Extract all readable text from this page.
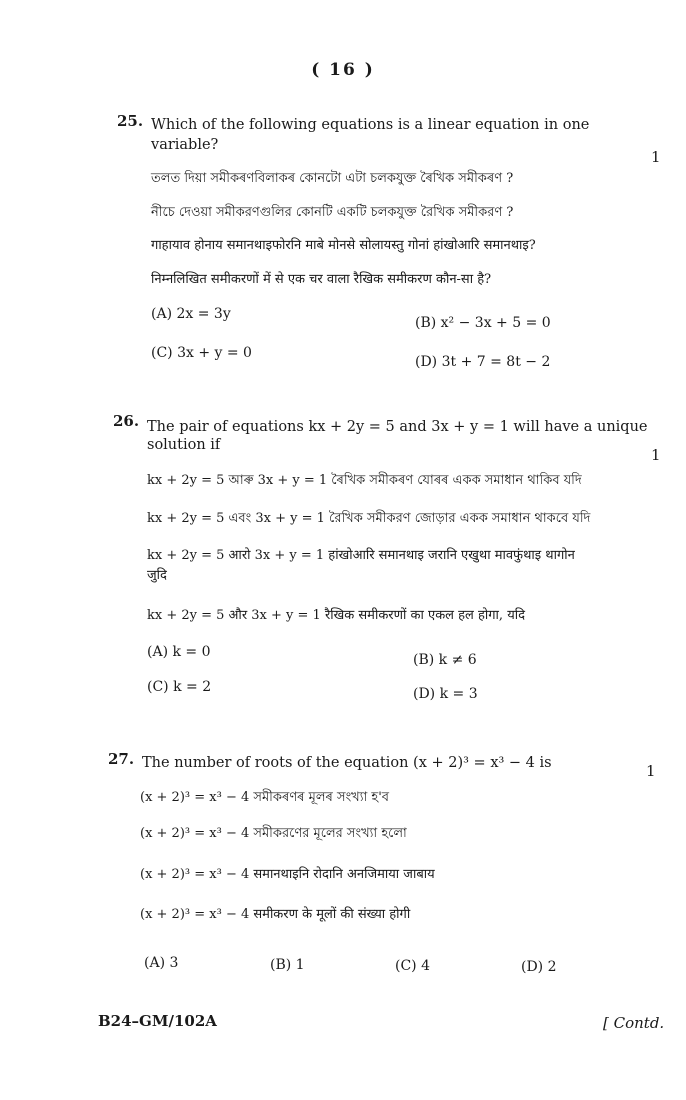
( 16 )
25.
1
Which of the following equations is a linear equation in one
variable?
তলত দিয়া সমীকৰণবিলাকৰ কোনটো এটা চলকযুক্ত ৰৈখিক সমীকৰণ ?
নীচে দেওয়া সমীকরণগুলির কোনটি একটি চলকযুক্ত রৈখিক সমীকরণ ?
गाहायाव होनाय समानथाइफोरनि माबे मोनसे सोलायस्तु गोनां हांखोआरि समानथाइ?
निम्नलिखित समीकरणों में से एक चर वाला रैखिक समीकरण कौन-सा है?
(A) 2x = 3y
(B) x² − 3x + 5 = 0
(C) 3x + y = 0
(D) 3t + 7 = 8t − 2
26.
1
The pair of equations kx + 2y = 5 and 3x + y = 1 will have a unique
solution if
kx + 2y = 5 আৰু 3x + y = 1 ৰৈখিক সমীকৰণ যোৰৰ একক সমাধান থাকিব যদি
kx + 2y = 5 এবং 3x + y = 1 রৈখিক সমীকরণ জোড়ার একক সমাধান থাকবে যদি
kx + 2y = 5 आरो 3x + y = 1 हांखोआरि समानथाइ जरानि एखुथा मावफुंथाइ थागोन
जुदि
kx + 2y = 5 और 3x + y = 1 रैखिक समीकरणों का एकल हल होगा, यदि
(A) k = 0	(B) k ≠ 6
(C) k = 2	(D) k = 3
27.
1
The number of roots of the equation (x + 2)³ = x³ − 4 is
(x + 2)³ = x³ − 4 সমীকৰণৰ মূলৰ সংখ্যা হ'ব
(x + 2)³ = x³ − 4 সমীকরণের মূলের সংখ্যা হলো
(x + 2)³ = x³ − 4 समानथाइनि रोदानि अनजिमाया जाबाय
(x + 2)³ = x³ − 4 समीकरण के मूलों की संख्या होगी
(A) 3	(B) 1	(C) 4	(D) 2
B24–GM/102A	[ Contd.
